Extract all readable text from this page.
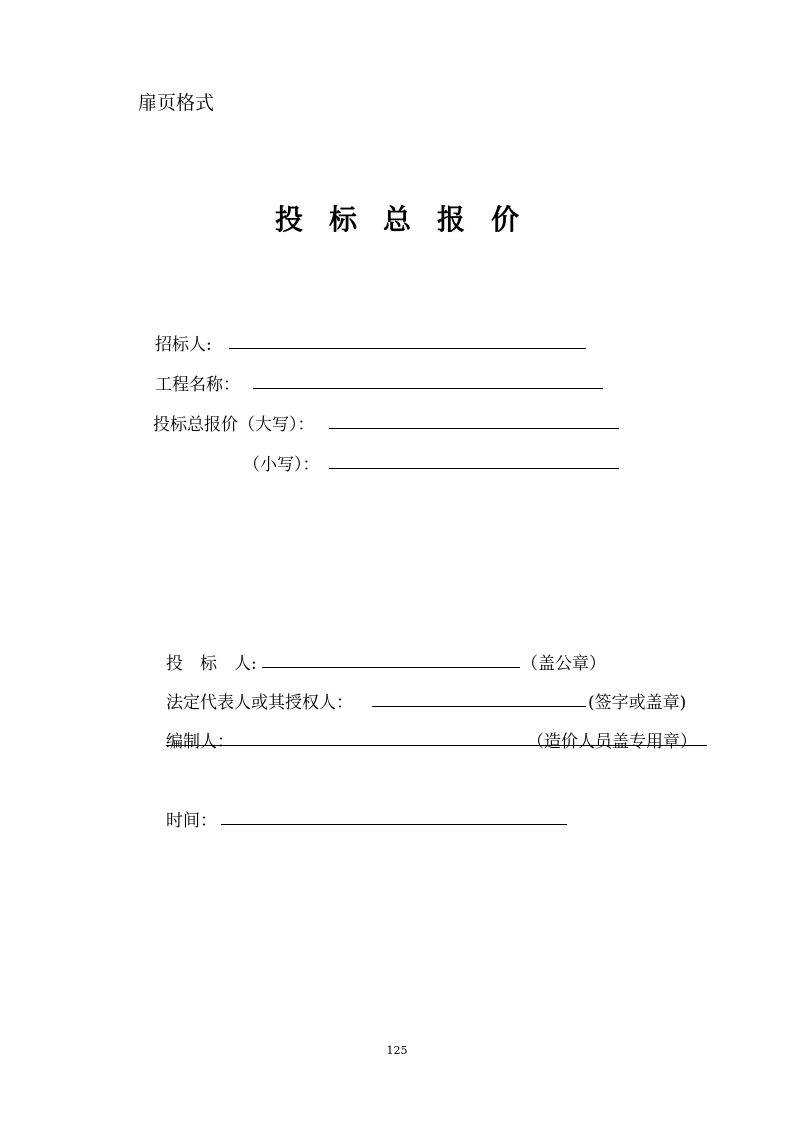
扉页格式
投 标 总 报 价
招标人:
工程名称：
投标总报价（大写）：
（小写）：
投　标　人:	（盖公章）
法定代表人或其授权人：	(签字或盖章)
编制人：	（造价人员盖专用章）
时间：
125
